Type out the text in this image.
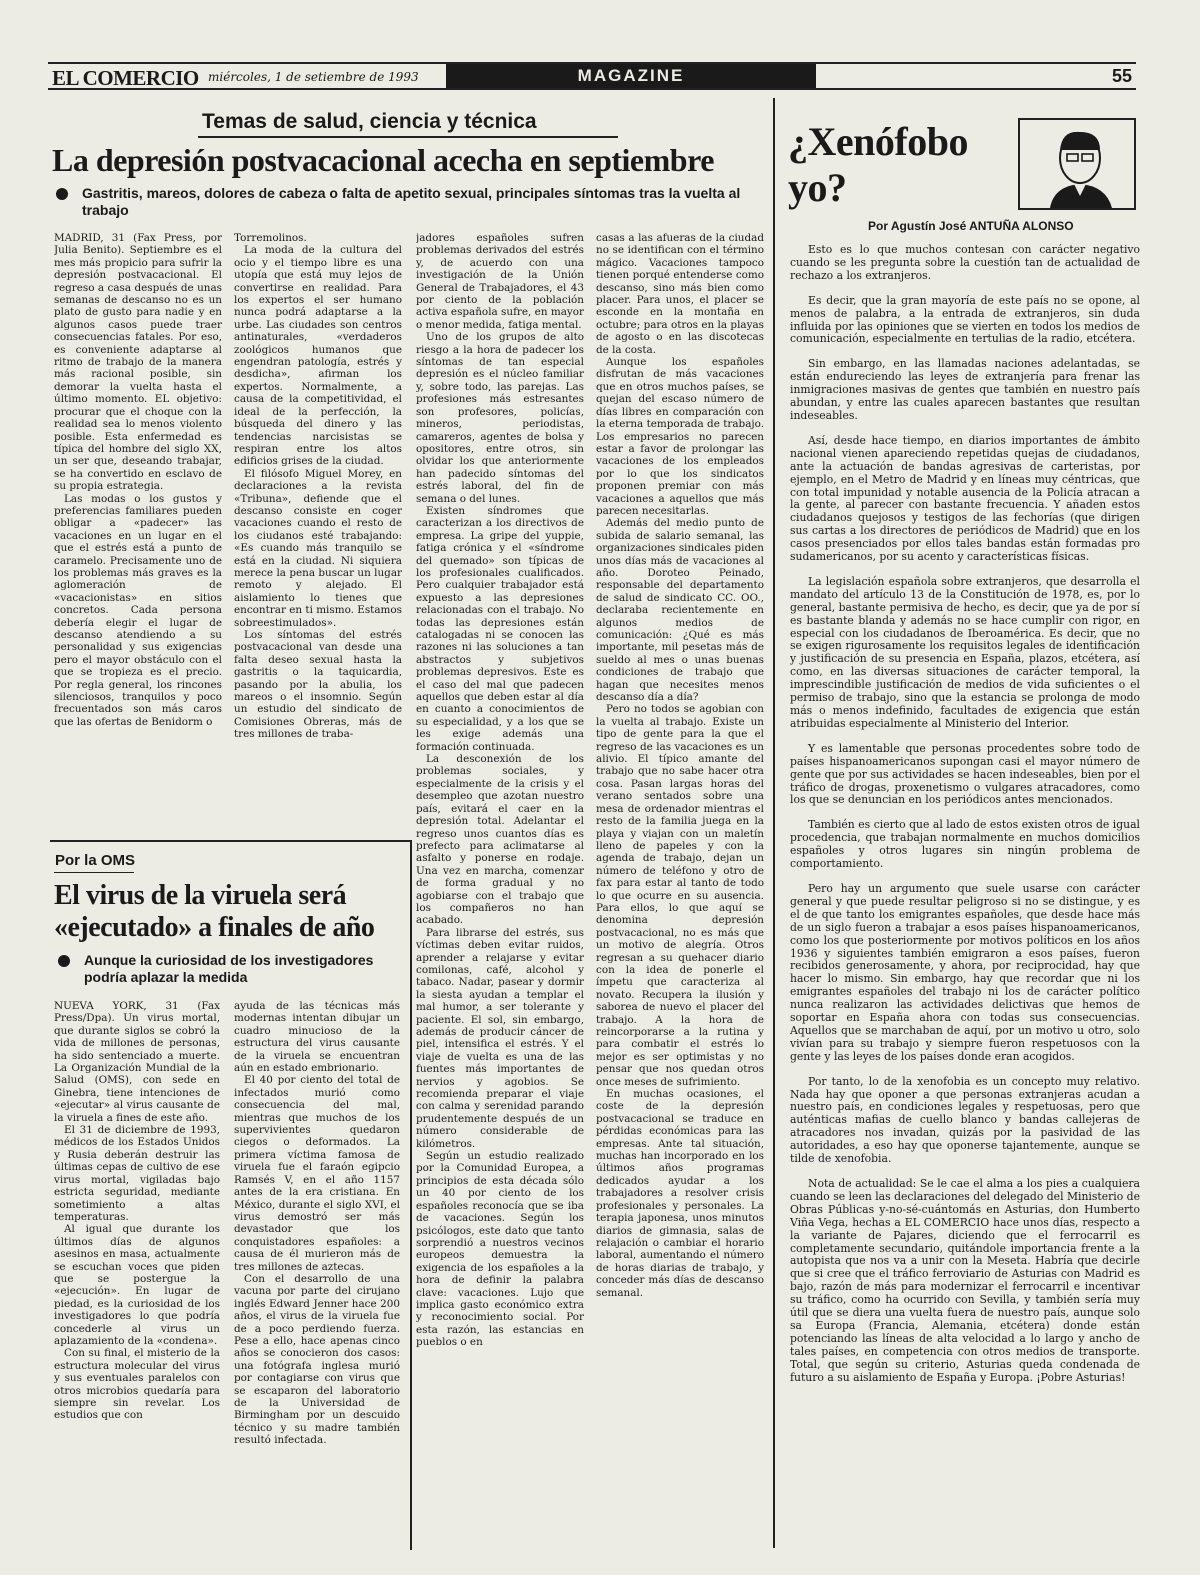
EL COMERCIO miércoles, 1 de setiembre de 1993	MAGAZINE	55
Temas de salud, ciencia y técnica
La depresión postvacacional acecha en septiembre
Gastritis, mareos, dolores de cabeza o falta de apetito sexual, principales síntomas tras la vuelta al trabajo

MADRID, 31 (Fax Press, por Julia Benito). Septiembre es el mes más propicio para sufrir la depresión postvacacional. El regreso a casa después de unas semanas de descanso no es un plato de gusto para nadie y en algunos casos puede traer consecuencias fatales. Por eso, es conveniente adaptarse al ritmo de trabajo de la manera más racional posible, sin demorar la vuelta hasta el último momento. EL objetivo: procurar que el choque con la realidad sea lo menos violento posible. Esta enfermedad es típica del hombre del siglo XX, un ser que, deseando trabajar, se ha convertido en esclavo de su propia estrategia.

Las modas o los gustos y preferencias familiares pueden obligar a «padecer» las vacaciones en un lugar en el que el estrés está a punto de caramelo. Precisamente uno de los problemas más graves es la aglomeración de «vacacionistas» en sitios concretos. Cada persona debería elegir el lugar de descanso atendiendo a su personalidad y sus exigencias pero el mayor obstáculo con el que se tropieza es el precio. Por regla general, los rincones silenciosos, tranquilos y poco frecuentados son más caros que las ofertas de Benidorm o

Torremolinos.

La moda de la cultura del ocio y el tiempo libre es una utopía que está muy lejos de convertirse en realidad. Para los expertos el ser humano nunca podrá adaptarse a la urbe. Las ciudades son centros antinaturales, «verdaderos zoológicos humanos que engendran patología, estrés y desdicha», afirman los expertos. Normalmente, a causa de la competitividad, el ideal de la perfección, la búsqueda del dinero y las tendencias narcisistas se respiran entre los altos edificios grises de la ciudad.

El filósofo Miguel Morey, en declaraciones a la revista «Tribuna», defiende que el descanso consiste en coger vacaciones cuando el resto de los ciudanos esté trabajando: «Es cuando más tranquilo se está en la ciudad. Ni siquiera merece la pena buscar un lugar remoto y alejado. El aislamiento lo tienes que encontrar en ti mismo. Estamos sobreestimulados».

Los síntomas del estrés postvacacional van desde una falta deseo sexual hasta la gastritis o la taquicardia, pasando por la abulia, los mareos o el insomnio. Según un estudio del sindicato de Comisiones Obreras, más de tres millones de traba-

jadores españoles sufren problemas derivados del estrés y, de acuerdo con una investigación de la Unión General de Trabajadores, el 43 por ciento de la población activa española sufre, en mayor o menor medida, fatiga mental.

Uno de los grupos de alto riesgo a la hora de padecer los síntomas de tan especial depresión es el núcleo familiar y, sobre todo, las parejas. Las profesiones más estresantes son profesores, policías, mineros, periodistas, camareros, agentes de bolsa y opositores, entre otros, sin olvidar los que anteriormente han padecido síntomas del estrés laboral, del fin de semana o del lunes.

Existen síndromes que caracterizan a los directivos de empresa. La gripe del yuppie, fatiga crónica y el «síndrome del quemado» son típicas de los profesionales cualificados. Pero cualquier trabajador está expuesto a las depresiones relacionadas con el trabajo. No todas las depresiones están catalogadas ni se conocen las razones ni las soluciones a tan abstractos y subjetivos problemas depresivos. Este es el caso del mal que padecen aquellos que deben estar al día en cuanto a conocimientos de su especialidad, y a los que se les exige además una formación continuada.

La desconexión de los problemas sociales, y especialmente de la crisis y el desempleo que azotan nuestro país, evitará el caer en la depresión total. Adelantar el regreso unos cuantos días es prefecto para aclimatarse al asfalto y ponerse en rodaje. Una vez en marcha, comenzar de forma gradual y no agobiarse con el trabajo que los compañeros no han acabado.

Para librarse del estrés, sus víctimas deben evitar ruidos, aprender a relajarse y evitar comilonas, café, alcohol y tabaco. Nadar, pasear y dormir la siesta ayudan a templar el mal humor, a ser tolerante y paciente. El sol, sin embargo, además de producir cáncer de piel, intensifica el estrés. Y el viaje de vuelta es una de las fuentes más importantes de nervios y agobios. Se recomienda preparar el viaje con calma y serenidad parando prudentemente después de un número considerable de kilómetros.

Según un estudio realizado por la Comunidad Europea, a principios de esta década sólo un 40 por ciento de los españoles reconocía que se iba de vacaciones. Según los psicólogos, este dato que tanto sorprendió a nuestros vecinos europeos demuestra la exigencia de los españoles a la hora de definir la palabra clave: vacaciones. Lujo que implica gasto económico extra y reconocimiento social. Por esta razón, las estancias en pueblos o en

casas a las afueras de la ciudad no se identifican con el término mágico. Vacaciones tampoco tienen porqué entenderse como descanso, sino más bien como placer. Para unos, el placer se esconde en la montaña en octubre; para otros en la playas de agosto o en las discotecas de la costa.

Aunque los españoles disfrutan de más vacaciones que en otros muchos países, se quejan del escaso número de días libres en comparación con la eterna temporada de trabajo. Los empresarios no parecen estar a favor de prolongar las vacaciones de los empleados por lo que los sindicatos proponen premiar con más vacaciones a aquellos que más parecen necesitarlas.

Además del medio punto de subida de salario semanal, las organizaciones sindicales piden unos días más de vacaciones al año. Doroteo Peinado, responsable del departamento de salud de sindicato CC. OO., declaraba recientemente en algunos medios de comunicación: ¿Qué es más importante, mil pesetas más de sueldo al mes o unas buenas condiciones de trabajo que hagan que necesites menos descanso día a día?

Pero no todos se agobian con la vuelta al trabajo. Existe un tipo de gente para la que el regreso de las vacaciones es un alivio. El típico amante del trabajo que no sabe hacer otra cosa. Pasan largas horas del verano sentados sobre una mesa de ordenador mientras el resto de la familia juega en la playa y viajan con un maletín lleno de papeles y con la agenda de trabajo, dejan un número de teléfono y otro de fax para estar al tanto de todo lo que ocurre en su ausencia. Para ellos, lo que aquí se denomina depresión postvacacional, no es más que un motivo de alegría. Otros regresan a su quehacer diario con la idea de ponerle el ímpetu que caracteriza al novato. Recupera la ilusión y saborea de nuevo el placer del trabajo. A la hora de reincorporarse a la rutina y para combatir el estrés lo mejor es ser optimistas y no pensar que nos quedan otros once meses de sufrimiento.

En muchas ocasiones, el coste de la depresión postvacacional se traduce en pérdidas económicas para las empresas. Ante tal situación, muchas han incorporado en los últimos años programas dedicados ayudar a los trabajadores a resolver crisis profesionales y personales. La terapia japonesa, unos minutos diarios de gimnasia, salas de relajación o cambiar el horario laboral, aumentando el número de horas diarias de trabajo, y conceder más días de descanso semanal.

Por la OMS
El virus de la viruela será
«ejecutado» a finales de año
Aunque la curiosidad de los investigadores podría aplazar la medida

NUEVA YORK, 31 (Fax Press/Dpa). Un virus mortal, que durante siglos se cobró la vida de millones de personas, ha sido sentenciado a muerte. La Organización Mundial de la Salud (OMS), con sede en Ginebra, tiene intenciones de «ejecutar» al virus causante de la viruela a fines de este año.

El 31 de diciembre de 1993, médicos de los Estados Unidos y Rusia deberán destruir las últimas cepas de cultivo de ese virus mortal, vigiladas bajo estricta seguridad, mediante sometimiento a altas temperaturas.

Al igual que durante los últimos días de algunos asesinos en masa, actualmente se escuchan voces que piden que se postergue la «ejecución». En lugar de piedad, es la curiosidad de los investigadores lo que podría concederle al virus un aplazamiento de la «condena».

Con su final, el misterio de la estructura molecular del virus y sus eventuales paralelos con otros microbios quedaría para siempre sin revelar. Los estudios que con

ayuda de las técnicas más modernas intentan dibujar un cuadro minucioso de la estructura del virus causante de la viruela se encuentran aún en estado embrionario.

El 40 por ciento del total de infectados murió como consecuencia del mal, mientras que muchos de los supervivientes quedaron ciegos o deformados. La primera víctima famosa de viruela fue el faraón egipcio Ramsés V, en el año 1157 antes de la era cristiana. En México, durante el siglo XVI, el virus demostró ser más devastador que los conquistadores españoles: a causa de él murieron más de tres millones de aztecas.

Con el desarrollo de una vacuna por parte del cirujano inglés Edward Jenner hace 200 años, el virus de la viruela fue de a poco perdiendo fuerza. Pese a ello, hace apenas cinco años se conocieron dos casos: una fotógrafa inglesa murió por contagiarse con virus que se escaparon del laboratorio de la Universidad de Birmingham por un descuido técnico y su madre también resultó infectada.

¿Xenófobo
yo?
Por Agustín José ANTUÑA ALONSO

Esto es lo que muchos contesan con carácter negativo cuando se les pregunta sobre la cuestión tan de actualidad de rechazo a los extranjeros.

Es decir, que la gran mayoría de este país no se opone, al menos de palabra, a la entrada de extranjeros, sin duda influida por las opiniones que se vierten en todos los medios de comunicación, especialmente en tertulias de la radio, etcétera.

Sin embargo, en las llamadas naciones adelantadas, se están endureciendo las leyes de extranjería para frenar las inmigraciones masivas de gentes que también en nuestro país abundan, y entre las cuales aparecen bastantes que resultan indeseables.

Así, desde hace tiempo, en diarios importantes de ámbito nacional vienen apareciendo repetidas quejas de ciudadanos, ante la actuación de bandas agresivas de carteristas, por ejemplo, en el Metro de Madrid y en líneas muy céntricas, que con total impunidad y notable ausencia de la Policía atracan a la gente, al parecer con bastante frecuencia. Y añaden estos ciudadanos quejosos y testigos de las fechorías (que dirigen sus cartas a los directores de periódicos de Madrid) que en los casos presenciados por ellos tales bandas están formadas pro sudamericanos, por su acento y características físicas.

La legislación española sobre extranjeros, que desarrolla el mandato del artículo 13 de la Constitución de 1978, es, por lo general, bastante permisiva de hecho, es decir, que ya de por sí es bastante blanda y además no se hace cumplir con rigor, en especial con los ciudadanos de Iberoamérica. Es decir, que no se exigen rigurosamente los requisitos legales de identificación y justificación de su presencia en España, plazos, etcétera, así como, en las diversas situaciones de carácter temporal, la imprescindible justificación de medios de vida suficientes o el permiso de trabajo, sino que la estancia se prolonga de modo más o menos indefinido, facultades de exigencia que están atribuidas especialmente al Ministerio del Interior.

Y es lamentable que personas procedentes sobre todo de países hispanoamericanos supongan casi el mayor número de gente que por sus actividades se hacen indeseables, bien por el tráfico de drogas, proxenetismo o vulgares atracadores, como los que se denuncian en los periódicos antes mencionados.

También es cierto que al lado de estos existen otros de igual procedencia, que trabajan normalmente en muchos domicilios españoles y otros lugares sin ningún problema de comportamiento.

Pero hay un argumento que suele usarse con carácter general y que puede resultar peligroso si no se distingue, y es el de que tanto los emigrantes españoles, que desde hace más de un siglo fueron a trabajar a esos países hispanoamericanos, como los que posteriormente por motivos políticos en los años 1936 y siguientes también emigraron a esos países, fueron recibidos generosamente, y ahora, por reciprocidad, hay que hacer lo mismo. Sin embargo, hay que recordar que ni los emigrantes españoles del trabajo ni los de carácter político nunca realizaron las actividades delictivas que hemos de soportar en España ahora con todas sus consecuencias. Aquellos que se marchaban de aquí, por un motivo u otro, solo vivían para su trabajo y siempre fueron respetuosos con la gente y las leyes de los países donde eran acogidos.

Por tanto, lo de la xenofobia es un concepto muy relativo. Nada hay que oponer a que personas extranjeras acudan a nuestro país, en condiciones legales y respetuosas, pero que auténticas mafias de cuello blanco y bandas callejeras de atracadores nos invadan, quizás por la pasividad de las autoridades, a eso hay que oponerse tajantemente, aunque se tilde de xenofobia.

Nota de actualidad: Se le cae el alma a los pies a cualquiera cuando se leen las declaraciones del delegado del Ministerio de Obras Públicas y-no-sé-cuántomás en Asturias, don Humberto Viña Vega, hechas a EL COMERCIO hace unos días, respecto a la variante de Pajares, diciendo que el ferrocarril es completamente secundario, quitándole importancia frente a la autopista que nos va a unir con la Meseta. Habría que decirle que si cree que el tráfico ferroviario de Asturias con Madrid es bajo, razón de más para modernizar el ferrocarril e incentivar su tráfico, como ha ocurrido con Sevilla, y también sería muy útil que se diera una vuelta fuera de nuestro país, aunque solo sa Europa (Francia, Alemania, etcétera) donde están potenciando las líneas de alta velocidad a lo largo y ancho de tales países, en competencia con otros medios de transporte. Total, que según su criterio, Asturias queda condenada de futuro a su aislamiento de España y Europa. ¡Pobre Asturias!
